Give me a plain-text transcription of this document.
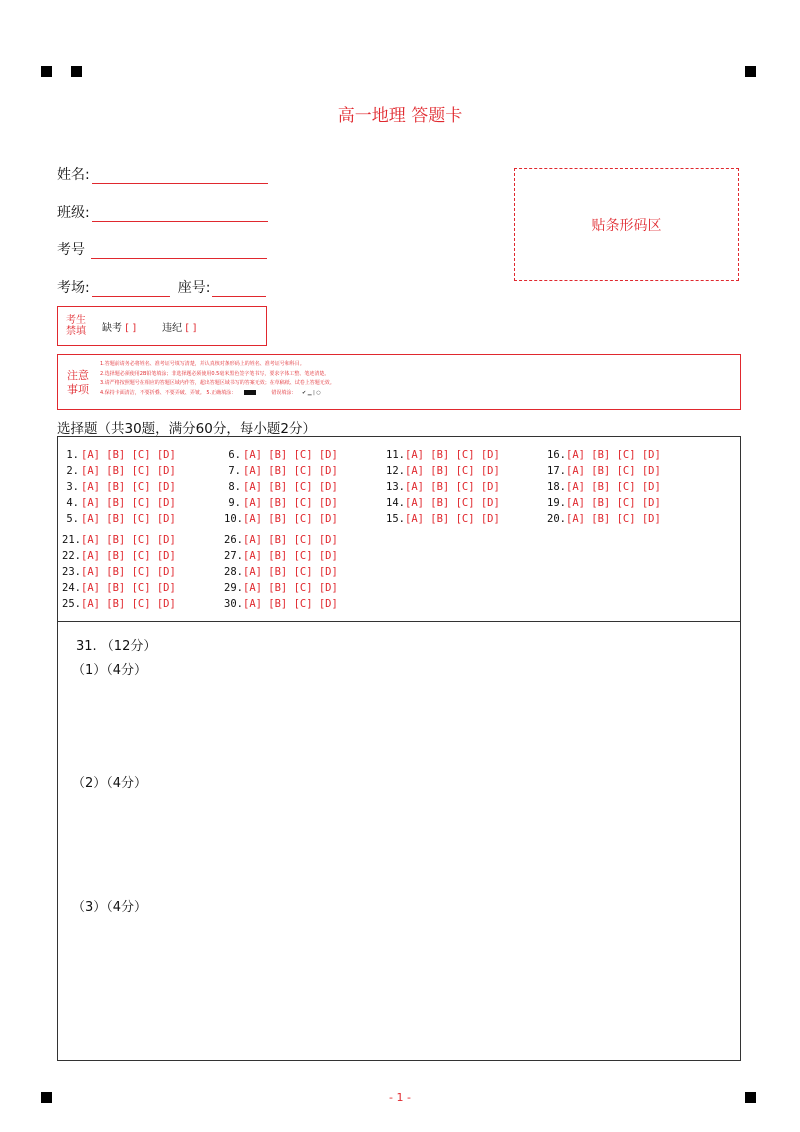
高一地理 答题卡
姓名:
班级:
考号
考场:	座号:
贴条形码区
考生禁填 缺考 [ ]	违纪 [ ]
注意事项
1.答题前请务必将姓名、准考证号填写清楚，并认真核对条形码上的姓名、准考证号和科目。
2.选择题必须使用2B铅笔填涂；非选择题必须使用0.5毫米黑色签字笔书写，要求字体工整、笔迹清楚。
3.请严格按照题号在相应的答题区域内作答，超出答题区域书写的答案无效；在草稿纸、试卷上答题无效。
4.保持卡面清洁，不要折叠、不要弄破、弄皱。 5.正确填涂：	错误填涂： ✔ ▁ | ○
选择题（共30题，满分60分，每小题2分）
1. [A] [B] [C] [D]
2. [A] [B] [C] [D]
3. [A] [B] [C] [D]
4. [A] [B] [C] [D]
5. [A] [B] [C] [D]
6. [A] [B] [C] [D]
7. [A] [B] [C] [D]
8. [A] [B] [C] [D]
9. [A] [B] [C] [D]
10.[A] [B] [C] [D]
11.[A] [B] [C] [D]
12.[A] [B] [C] [D]
13.[A] [B] [C] [D]
14.[A] [B] [C] [D]
15.[A] [B] [C] [D]
16.[A] [B] [C] [D]
17.[A] [B] [C] [D]
18.[A] [B] [C] [D]
19.[A] [B] [C] [D]
20.[A] [B] [C] [D]
21.[A] [B] [C] [D]
22.[A] [B] [C] [D]
23.[A] [B] [C] [D]
24.[A] [B] [C] [D]
25.[A] [B] [C] [D]
26.[A] [B] [C] [D]
27.[A] [B] [C] [D]
28.[A] [B] [C] [D]
29.[A] [B] [C] [D]
30.[A] [B] [C] [D]
31. （12分）
（1）（4分）
（2）（4分）
（3）（4分）
- 1 -
